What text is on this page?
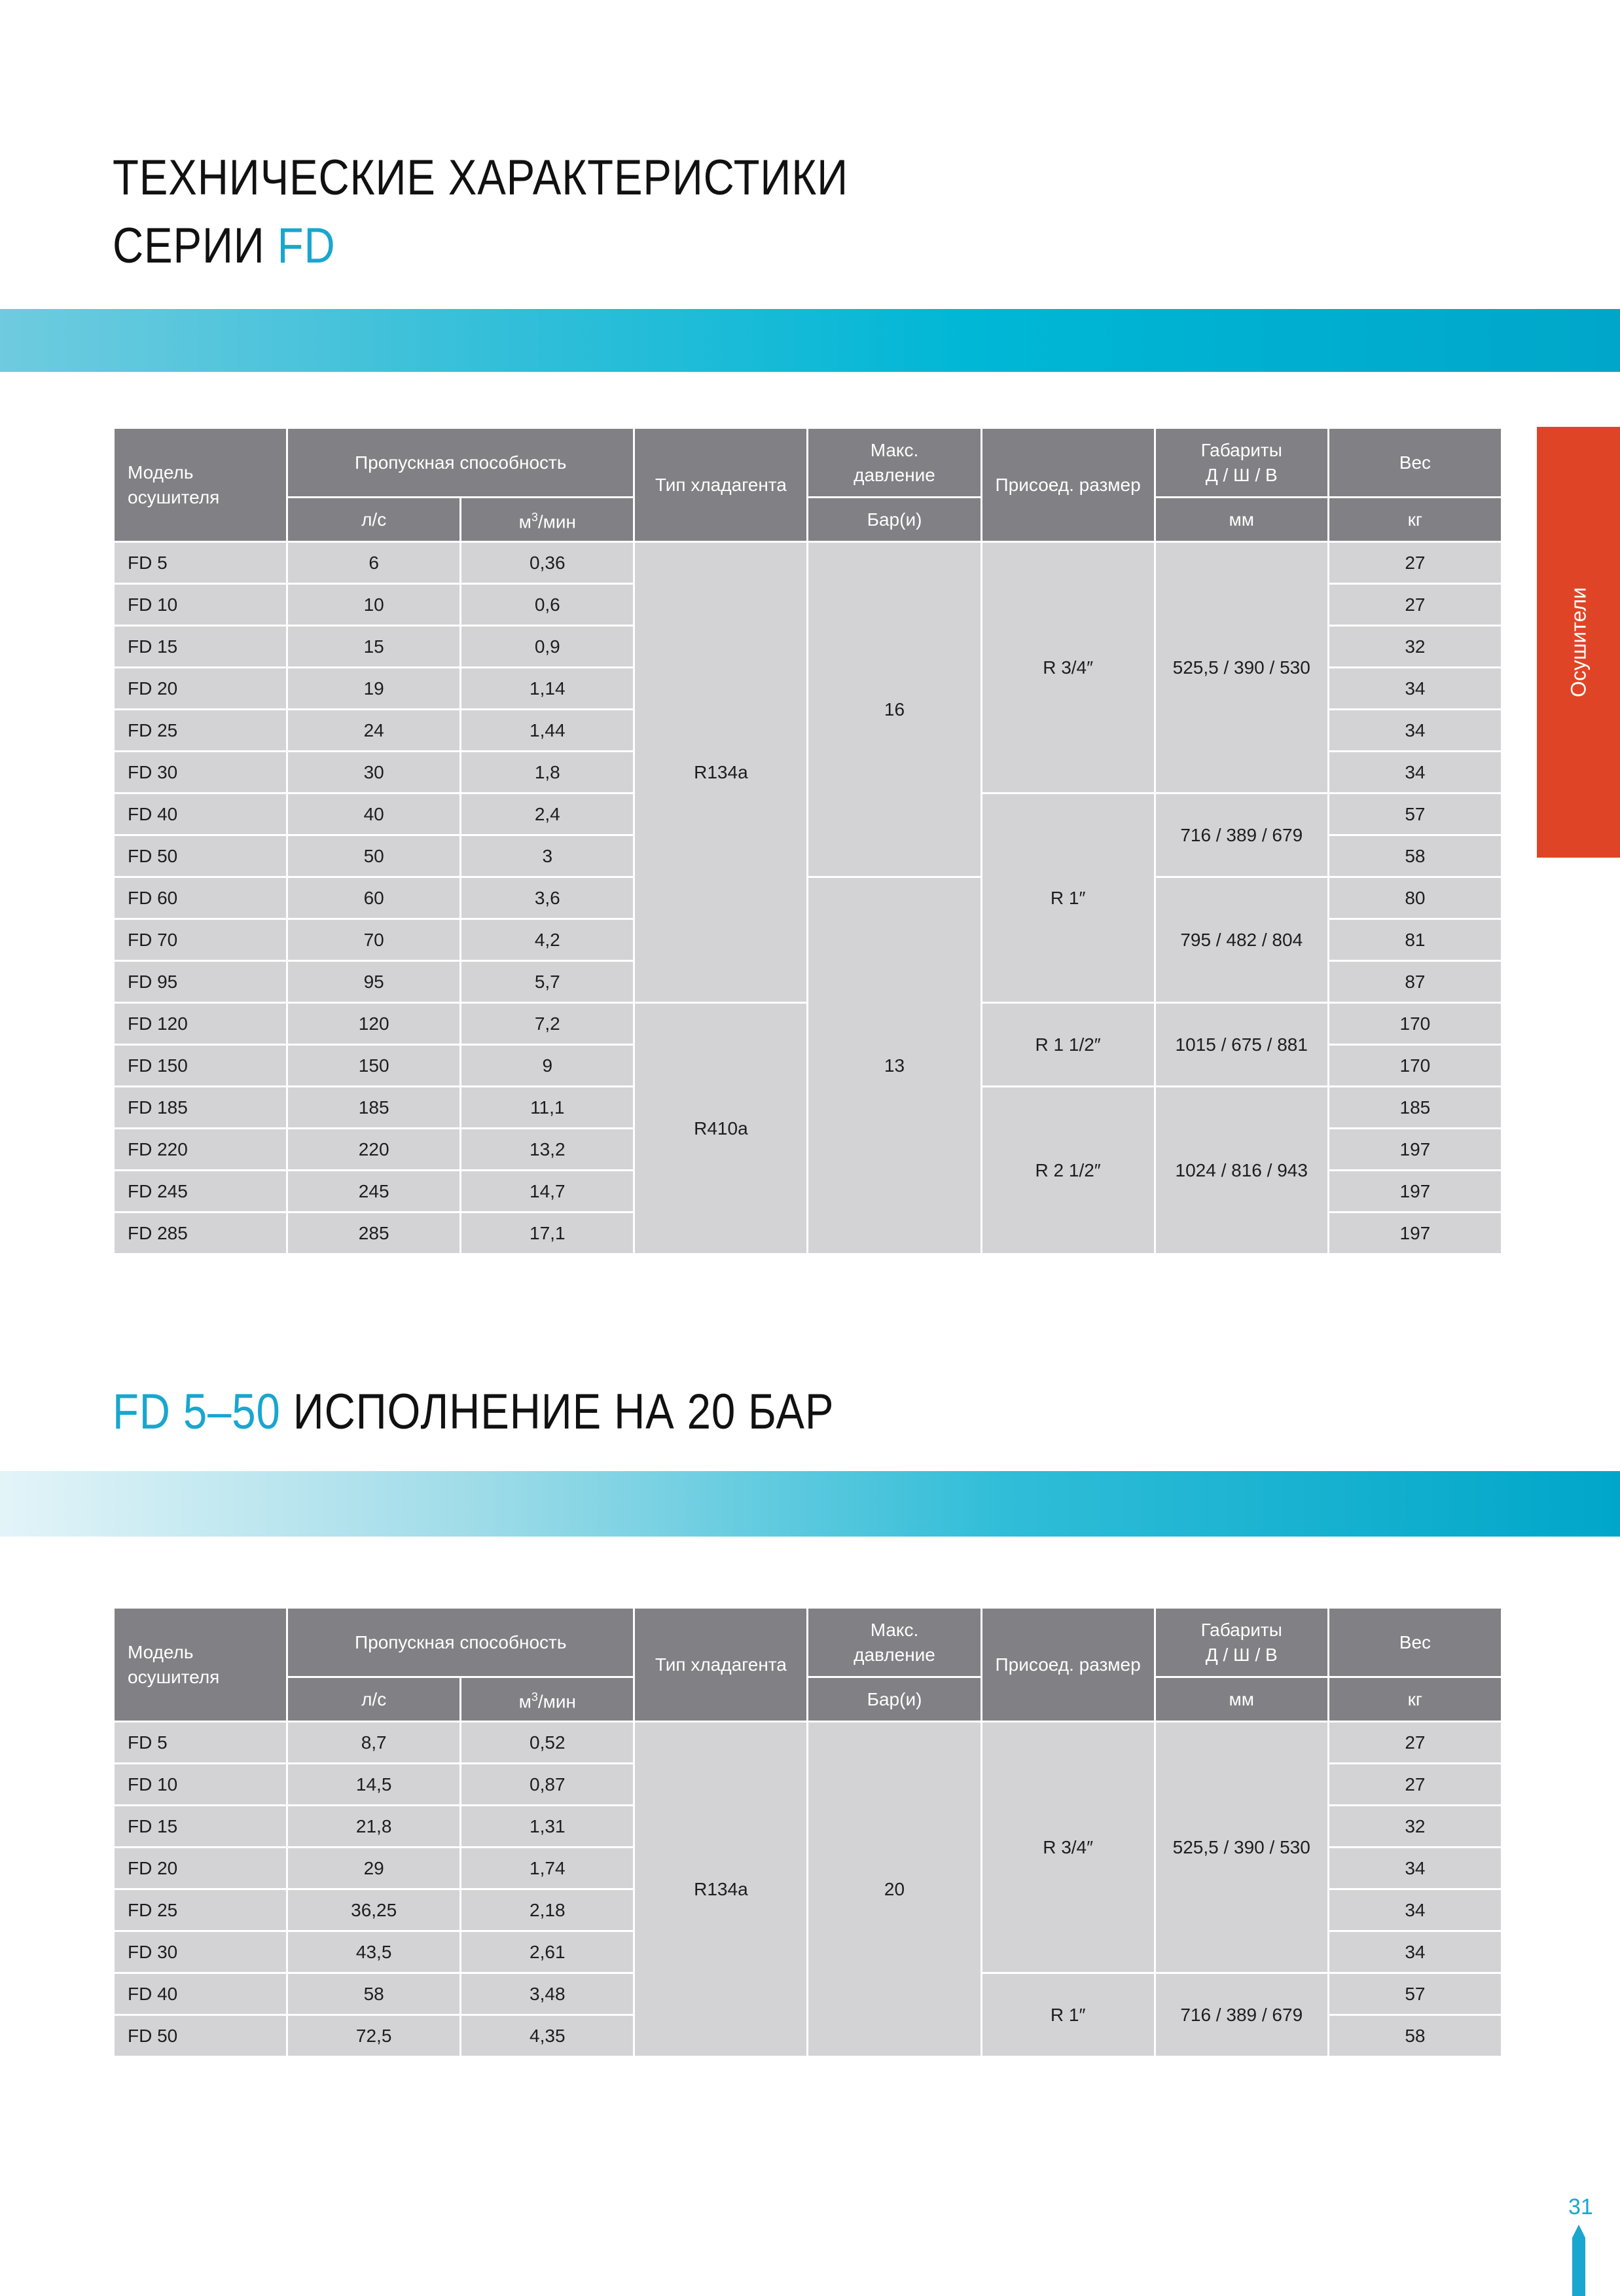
ТЕХНИЧЕСКИЕ ХАРАКТЕРИСТИКИ
СЕРИИ FD
Осушители
Модель осушителя	Пропускная способность		Тип хладагента	Макс.
давление	Присоед. размер	Габариты
Д / Ш / В	Вес
	л/с	$м^3$/мин		Бар(и)		мм	кг
FD 5	6	0,36	R134a	16	R 3/4″	525,5 / 390 / 530	27
FD 10	10	0,6					27
FD 15	15	0,9					32
FD 20	19	1,14					34
FD 25	24	1,44					34
FD 30	30	1,8					34
FD 40	40	2,4			R 1″	716 / 389 / 679	57
FD 50	50	3					58
FD 60	60	3,6		13		795 / 482 / 804	80
FD 70	70	4,2					81
FD 95	95	5,7					87
FD 120	120	7,2	R410a		R 1 1/2″	1015 / 675 / 881	170
FD 150	150	9					170
FD 185	185	11,1			R 2 1/2″	1024 / 816 / 943	185
FD 220	220	13,2					197
FD 245	245	14,7					197
FD 285	285	17,1					197
FD 5–50 ИСПОЛНЕНИЕ НА 20 БАР
Модель осушителя	Пропускная способность		Тип хладагента	Макс.
давление	Присоед. размер	Габариты
Д / Ш / В	Вес
	л/с	$м^3$/мин		Бар(и)		мм	кг
FD 5	8,7	0,52	R134a	20	R 3/4″	525,5 / 390 / 530	27
FD 10	14,5	0,87					27
FD 15	21,8	1,31					32
FD 20	29	1,74					34
FD 25	36,25	2,18					34
FD 30	43,5	2,61					34
FD 40	58	3,48			R 1″	716 / 389 / 679	57
FD 50	72,5	4,35					58
31
